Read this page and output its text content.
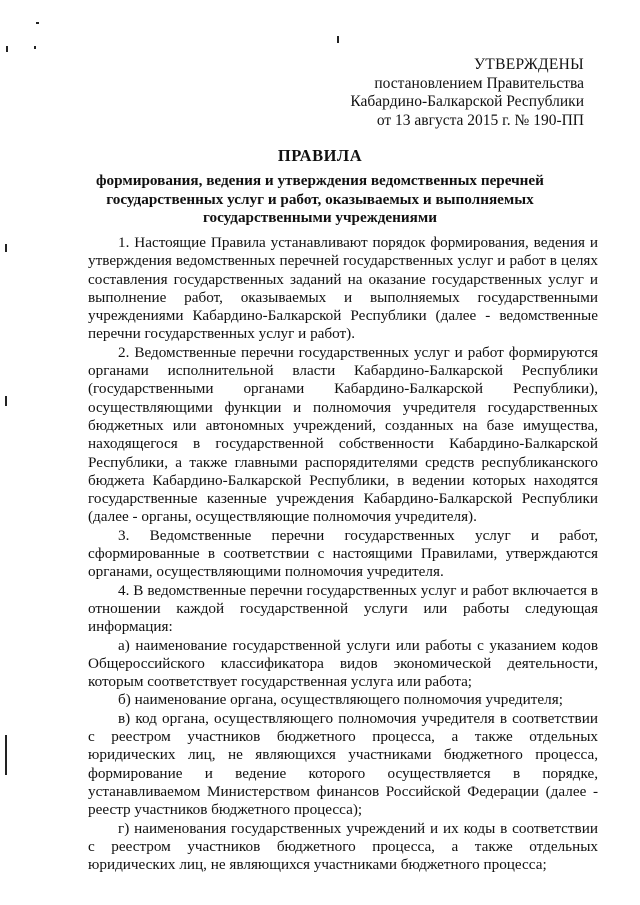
УТВЕРЖДЕНЫ
постановлением Правительства
Кабардино-Балкарской Республики
от 13 августа 2015 г. № 190-ПП
ПРАВИЛА
формирования, ведения и утверждения ведомственных перечней государственных услуг и работ, оказываемых и выполняемых государственными учреждениями

1. Настоящие Правила устанавливают порядок формирования, ведения и утверждения ведомственных перечней государственных услуг и работ в целях составления государственных заданий на оказание государственных услуг и выполнение работ, оказываемых и выполняемых государственными учреждениями Кабардино-Балкарской Республики (далее - ведомственные перечни государственных услуг и работ).

2. Ведомственные перечни государственных услуг и работ формируются органами исполнительной власти Кабардино-Балкарской Республики (государственными органами Кабардино-Балкарской Республики), осуществляющими функции и полномочия учредителя государственных бюджетных или автономных учреждений, созданных на базе имущества, находящегося в государственной собственности Кабардино-Балкарской Республики, а также главными распорядителями средств республиканского бюджета Кабардино-Балкарской Республики, в ведении которых находятся государственные казенные учреждения Кабардино-Балкарской Республики (далее - органы, осуществляющие полномочия учредителя).

3. Ведомственные перечни государственных услуг и работ, сформированные в соответствии с настоящими Правилами, утверждаются органами, осуществляющими полномочия учредителя.

4. В ведомственные перечни государственных услуг и работ включается в отношении каждой государственной услуги или работы следующая информация:

а) наименование государственной услуги или работы с указанием кодов Общероссийского классификатора видов экономической деятельности, которым соответствует государственная услуга или работа;

б) наименование органа, осуществляющего полномочия учредителя;

в) код органа, осуществляющего полномочия учредителя в соответствии с реестром участников бюджетного процесса, а также отдельных юридических лиц, не являющихся участниками бюджетного процесса, формирование и ведение которого осуществляется в порядке, устанавливаемом Министерством финансов Российской Федерации (далее - реестр участников бюджетного процесса);

г) наименования государственных учреждений и их коды в соответствии с реестром участников бюджетного процесса, а также отдельных юридических лиц, не являющихся участниками бюджетного процесса;
